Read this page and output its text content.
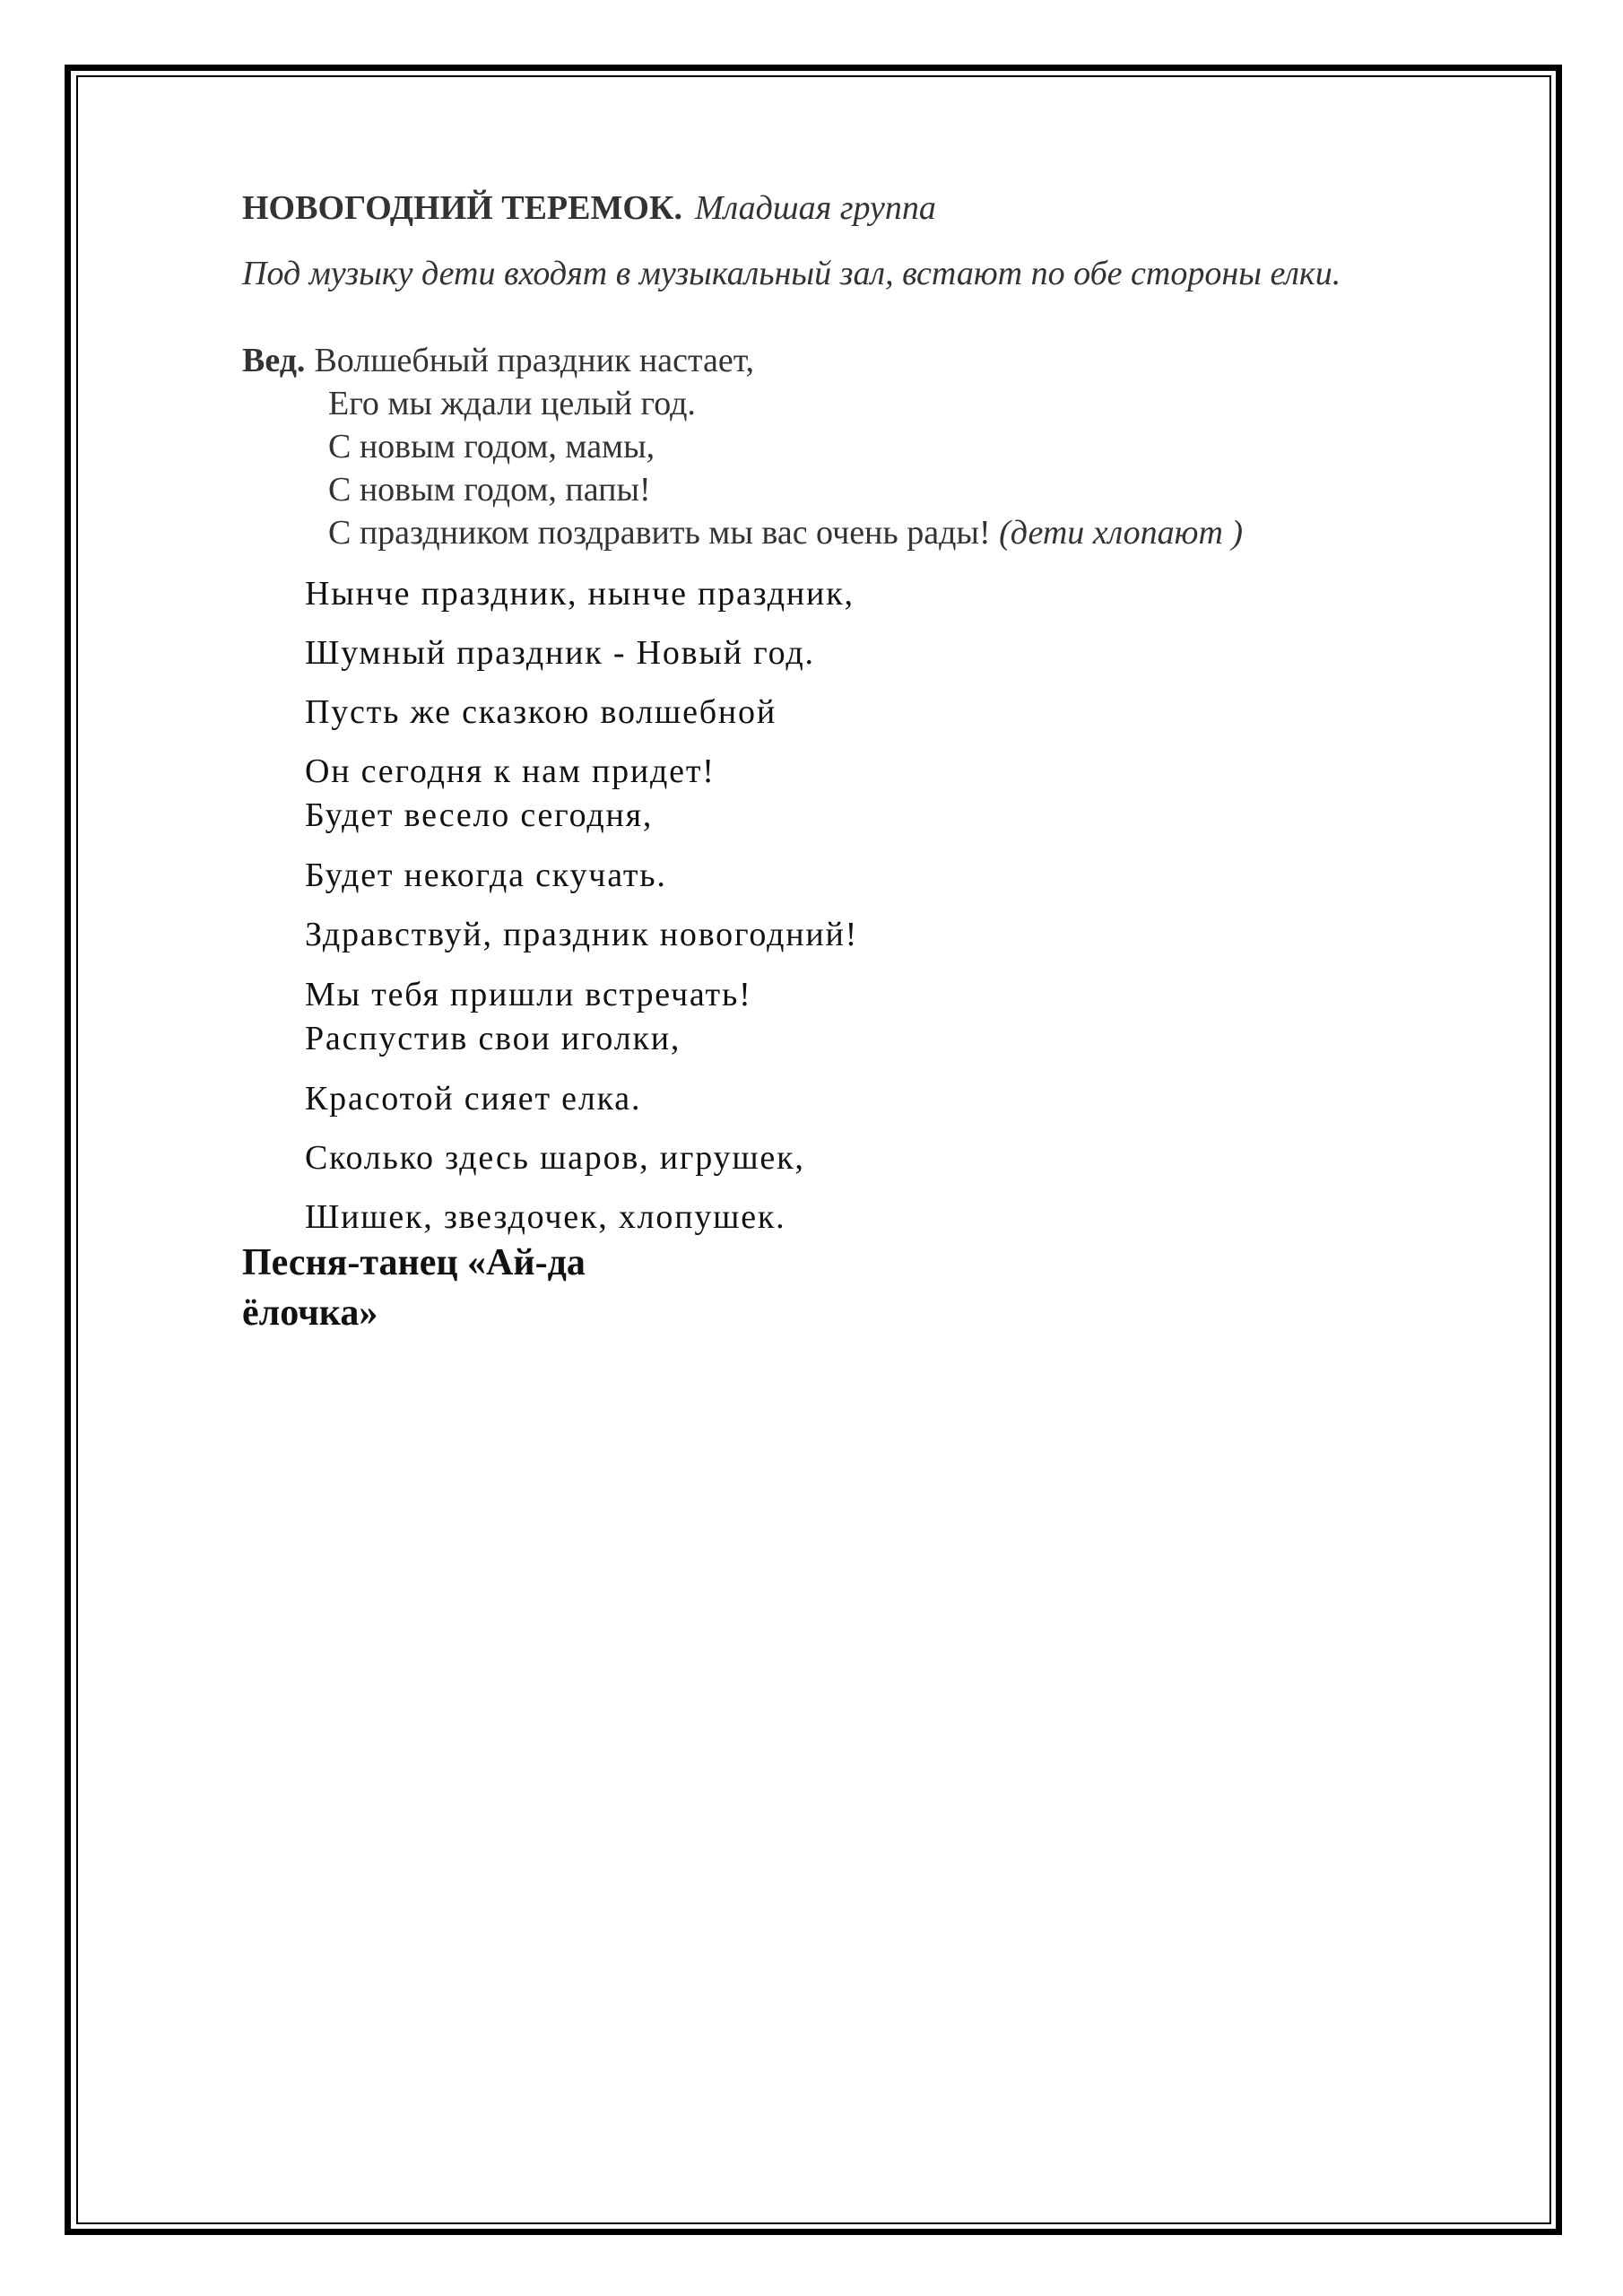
НОВОГОДНИЙ ТЕРЕМОК. Младшая группа
Под музыку дети входят в музыкальный зал, встают по обе стороны елки.
Вед. Волшебный праздник настает,
Его мы ждали целый год.
С новым годом, мамы,
С новым годом, папы!
С праздником поздравить мы вас очень рады! (дети хлопают )
Нынче праздник, нынче праздник,
Шумный праздник - Новый год.
Пусть же сказкою волшебной
Он сегодня к нам придет!
Будет весело сегодня,
Будет некогда скучать.
Здравствуй, праздник новогодний!
Мы тебя пришли встречать!
Распустив свои иголки,
Красотой сияет елка.
Сколько здесь шаров, игрушек,
Шишек, звездочек, хлопушек.
Песня-танец «Ай-да
ёлочка»
